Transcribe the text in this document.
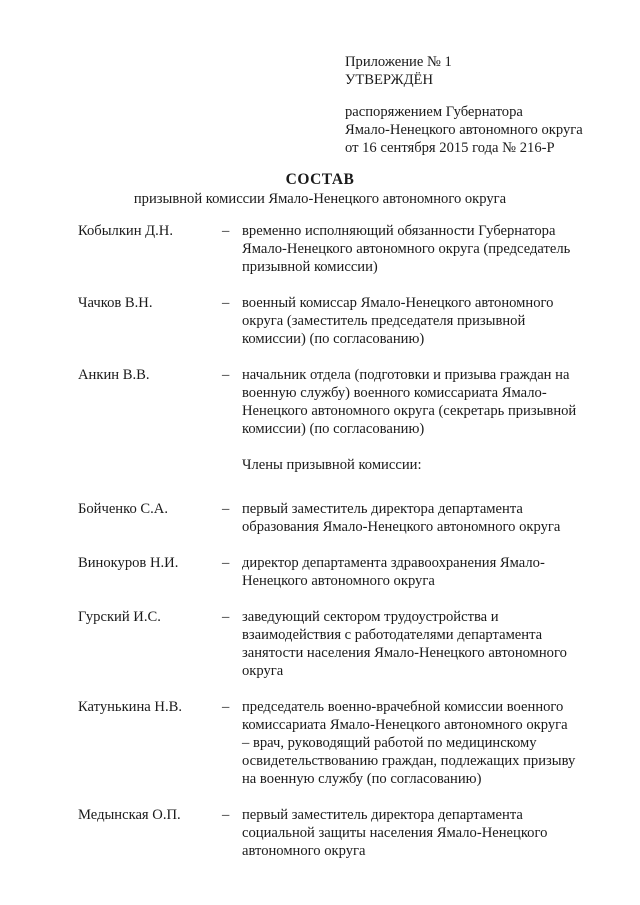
Приложение № 1
УТВЕРЖДЁН
распоряжением Губернатора
Ямало-Ненецкого автономного округа
от 16 сентября 2015 года № 216-Р
СОСТАВ
призывной комиссии Ямало-Ненецкого автономного округа
Кобылкин Д.Н.	– временно исполняющий обязанности Губернатора
Ямало-Ненецкого автономного округа (председатель
призывной комиссии)
Чачков В.Н.	– военный комиссар Ямало-Ненецкого автономного
округа (заместитель председателя призывной
комиссии) (по согласованию)
Анкин В.В.	– начальник отдела (подготовки и призыва граждан на
военную службу) военного комиссариата Ямало-
Ненецкого автономного округа (секретарь призывной
комиссии) (по согласованию)
Члены призывной комиссии:
Бойченко С.А.	– первый заместитель директора департамента
образования Ямало-Ненецкого автономного округа
Винокуров Н.И.	– директор департамента здравоохранения Ямало-
Ненецкого автономного округа
Гурский И.С.	– заведующий сектором трудоустройства и
взаимодействия с работодателями департамента
занятости населения Ямало-Ненецкого автономного
округа
Катунькина Н.В.	– председатель военно-врачебной комиссии военного
комиссариата Ямало-Ненецкого автономного округа
– врач, руководящий работой по медицинскому
освидетельствованию граждан, подлежащих призыву
на военную службу (по согласованию)
Медынская О.П.	– первый заместитель директора департамента
социальной защиты населения Ямало-Ненецкого
автономного округа
